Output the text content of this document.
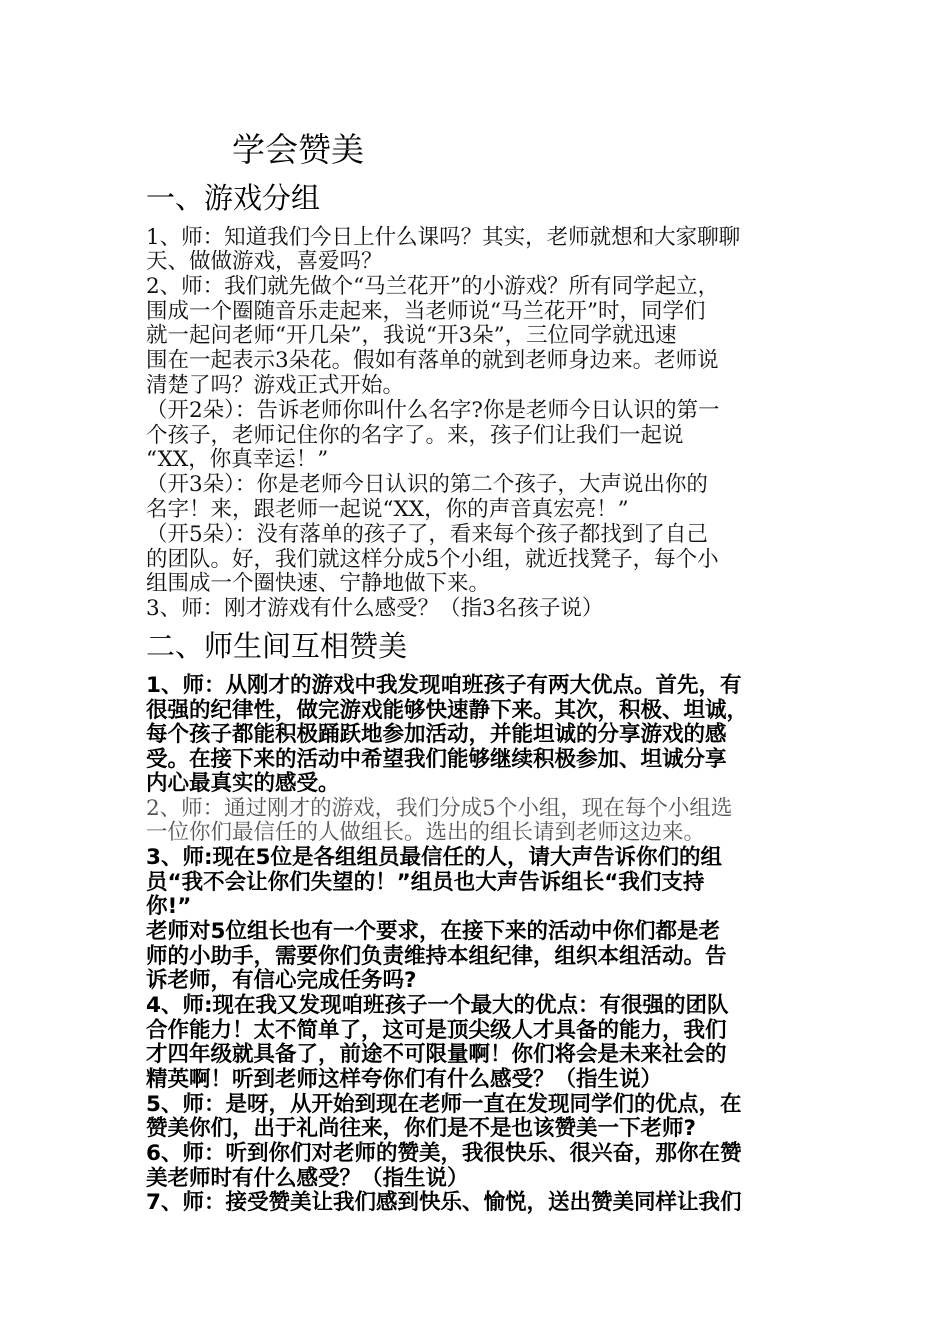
学会赞美
一、游戏分组
1、师：知道我们今日上什么课吗？其实，老师就想和大家聊聊
天、做做游戏，喜爱吗？
2、师：我们就先做个“马兰花开”的小游戏？所有同学起立，
围成一个圈随音乐走起来，当老师说“马兰花开”时，同学们
就一起问老师“开几朵”，我说“开3朵”，三位同学就迅速
围在一起表示3朵花。假如有落单的就到老师身边来。老师说
清楚了吗？游戏正式开始。
（开2朵）：告诉老师你叫什么名字?你是老师今日认识的第一
个孩子，老师记住你的名字了。来，孩子们让我们一起说
“XX，你真幸运！”
（开3朵）：你是老师今日认识的第二个孩子，大声说出你的
名字！来，跟老师一起说“XX，你的声音真宏亮！”
（开5朵）：没有落单的孩子了，看来每个孩子都找到了自己
的团队。好，我们就这样分成5个小组，就近找凳子，每个小
组围成一个圈快速、宁静地做下来。
3、师：刚才游戏有什么感受？（指3名孩子说）
二、师生间互相赞美
1、师：从刚才的游戏中我发现咱班孩子有两大优点。首先，有
很强的纪律性，做完游戏能够快速静下来。其次，积极、坦诚，
每个孩子都能积极踊跃地参加活动，并能坦诚的分享游戏的感
受。在接下来的活动中希望我们能够继续积极参加、坦诚分享
内心最真实的感受。
2、师：通过刚才的游戏，我们分成5个小组，现在每个小组选
一位你们最信任的人做组长。选出的组长请到老师这边来。
3、师:现在5位是各组组员最信任的人，请大声告诉你们的组
员“我不会让你们失望的！”组员也大声告诉组长“我们支持
你!”
老师对5位组长也有一个要求，在接下来的活动中你们都是老
师的小助手，需要你们负责维持本组纪律，组织本组活动。告
诉老师，有信心完成任务吗?
4、师:现在我又发现咱班孩子一个最大的优点：有很强的团队
合作能力！太不简单了，这可是顶尖级人才具备的能力，我们
才四年级就具备了，前途不可限量啊！你们将会是未来社会的
精英啊！听到老师这样夸你们有什么感受？（指生说）
5、师：是呀，从开始到现在老师一直在发现同学们的优点，在
赞美你们，出于礼尚往来，你们是不是也该赞美一下老师?
6、师：听到你们对老师的赞美，我很快乐、很兴奋，那你在赞
美老师时有什么感受？（指生说）
7、师：接受赞美让我们感到快乐、愉悦，送出赞美同样让我们
